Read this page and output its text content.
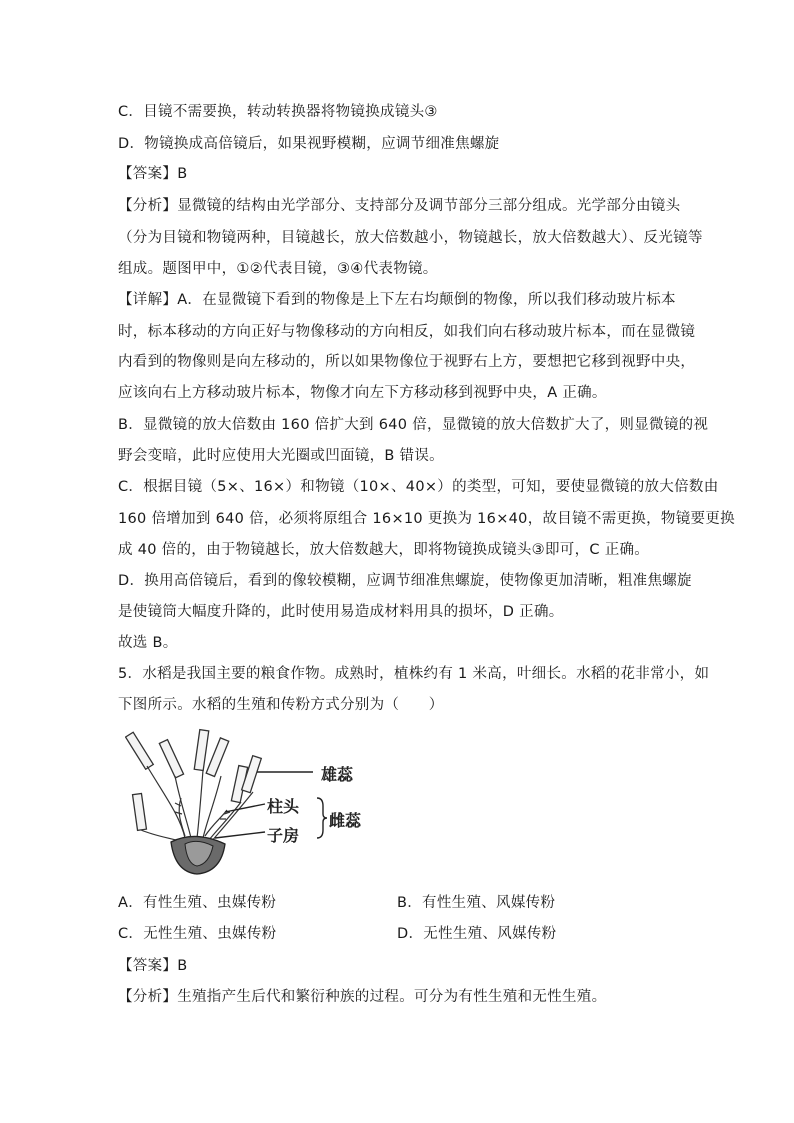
C．目镜不需要换，转动转换器将物镜换成镜头③
D．物镜换成高倍镜后，如果视野模糊，应调节细准焦螺旋
【答案】B
【分析】显微镜的结构由光学部分、支持部分及调节部分三部分组成。光学部分由镜头
（分为目镜和物镜两种，目镜越长，放大倍数越小，物镜越长，放大倍数越大）、反光镜等
组成。题图甲中，①②代表目镜，③④代表物镜。
【详解】A．在显微镜下看到的物像是上下左右均颠倒的物像，所以我们移动玻片标本
时，标本移动的方向正好与物像移动的方向相反，如我们向右移动玻片标本，而在显微镜
内看到的物像则是向左移动的，所以如果物像位于视野右上方，要想把它移到视野中央，
应该向右上方移动玻片标本，物像才向左下方移动移到视野中央，A 正确。
B．显微镜的放大倍数由 160 倍扩大到 640 倍，显微镜的放大倍数扩大了，则显微镜的视
野会变暗，此时应使用大光圈或凹面镜，B 错误。
C．根据目镜（5×、16×）和物镜（10×、40×）的类型，可知，要使显微镜的放大倍数由
160 倍增加到 640 倍，必须将原组合 16×10 更换为 16×40，故目镜不需更换，物镜要更换
成 40 倍的，由于物镜越长，放大倍数越大，即将物镜换成镜头③即可，C 正确。
D．换用高倍镜后，看到的像较模糊，应调节细准焦螺旋，使物像更加清晰，粗准焦螺旋
是使镜筒大幅度升降的，此时使用易造成材料用具的损坏，D 正确。
故选 B。
5．水稻是我国主要的粮食作物。成熟时，植株约有 1 米高，叶细长。水稻的花非常小，如
下图所示。水稻的生殖和传粉方式分别为（　　）
雄蕊
柱头
子房
雌蕊
A．有性生殖、虫媒传粉	B．有性生殖、风媒传粉
C．无性生殖、虫媒传粉	D．无性生殖、风媒传粉
【答案】B
【分析】生殖指产生后代和繁衍种族的过程。可分为有性生殖和无性生殖。
